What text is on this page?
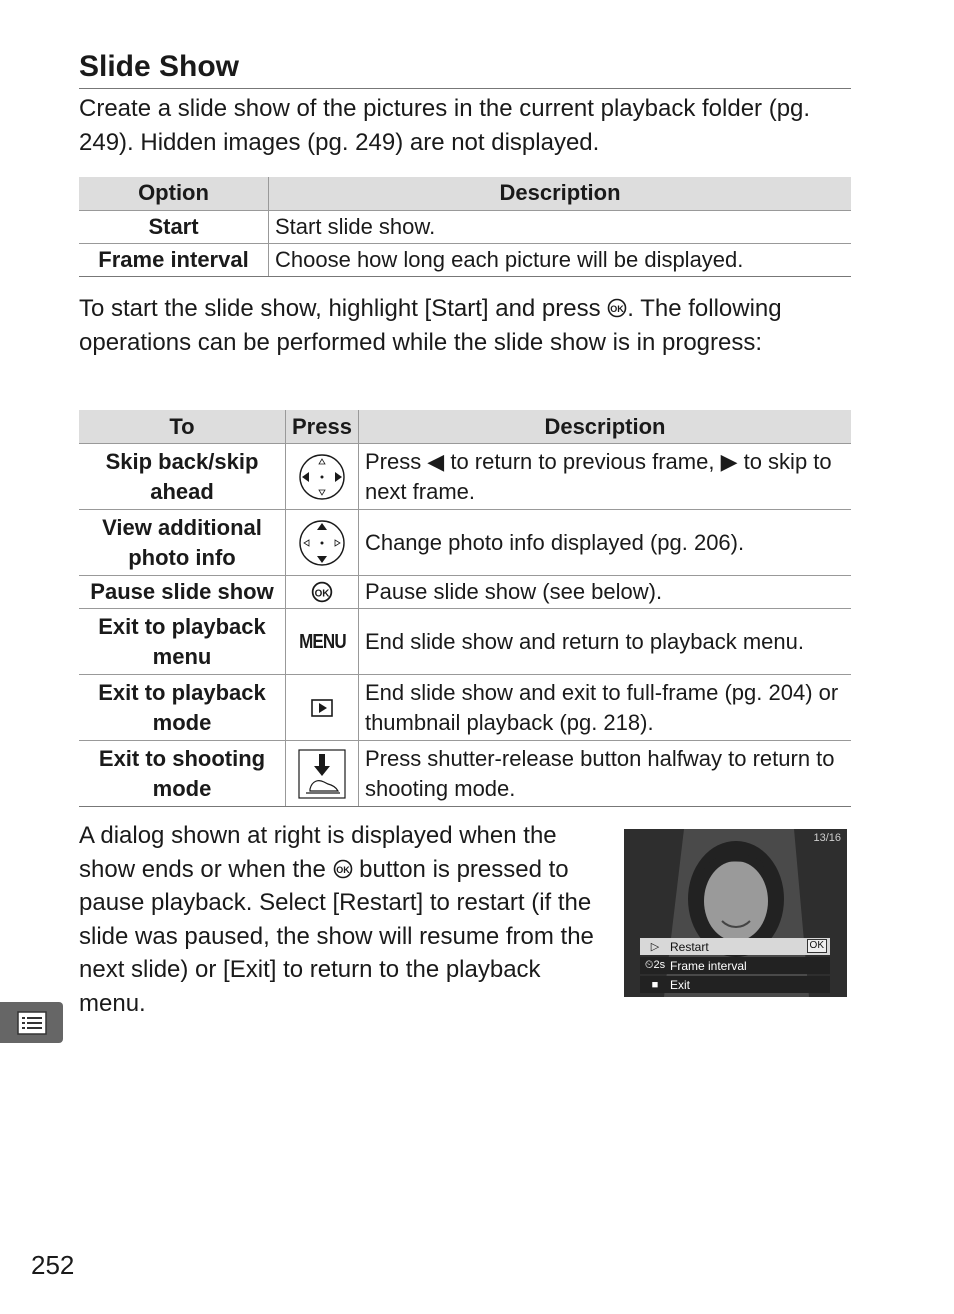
Slide Show
Create a slide show of the pictures in the current playback folder (pg. 249). Hidden images (pg. 249) are not displayed.
Option	Description
Start	Start slide show.
Frame interval	Choose how long each picture will be displayed.
To start the slide show, highlight [Start] and press OK . The following operations can be performed while the slide show is in progress:
To	Press	Description
Skip back/skip ahead		Press ◀ to return to previous frame, ▶ to skip to next frame.
View additional photo info		Change photo info displayed (pg. 206).
Pause slide show	OK	Pause slide show (see below).
Exit to playback menu	MENU	End slide show and return to playback menu.
Exit to playback mode		End slide show and exit to full-frame (pg. 204) or thumbnail playback (pg. 218).
Exit to shooting mode		Press shutter-release button halfway to return to shooting mode.
A dialog shown at right is displayed when the show ends or when the OK button is pressed to pause playback. Select [Restart] to restart (if the slide was paused, the show will resume from the next slide) or [Exit] to return to the playback menu.
13/16
▷ Restart	OK
⏲2s Frame interval
■ Exit
252
